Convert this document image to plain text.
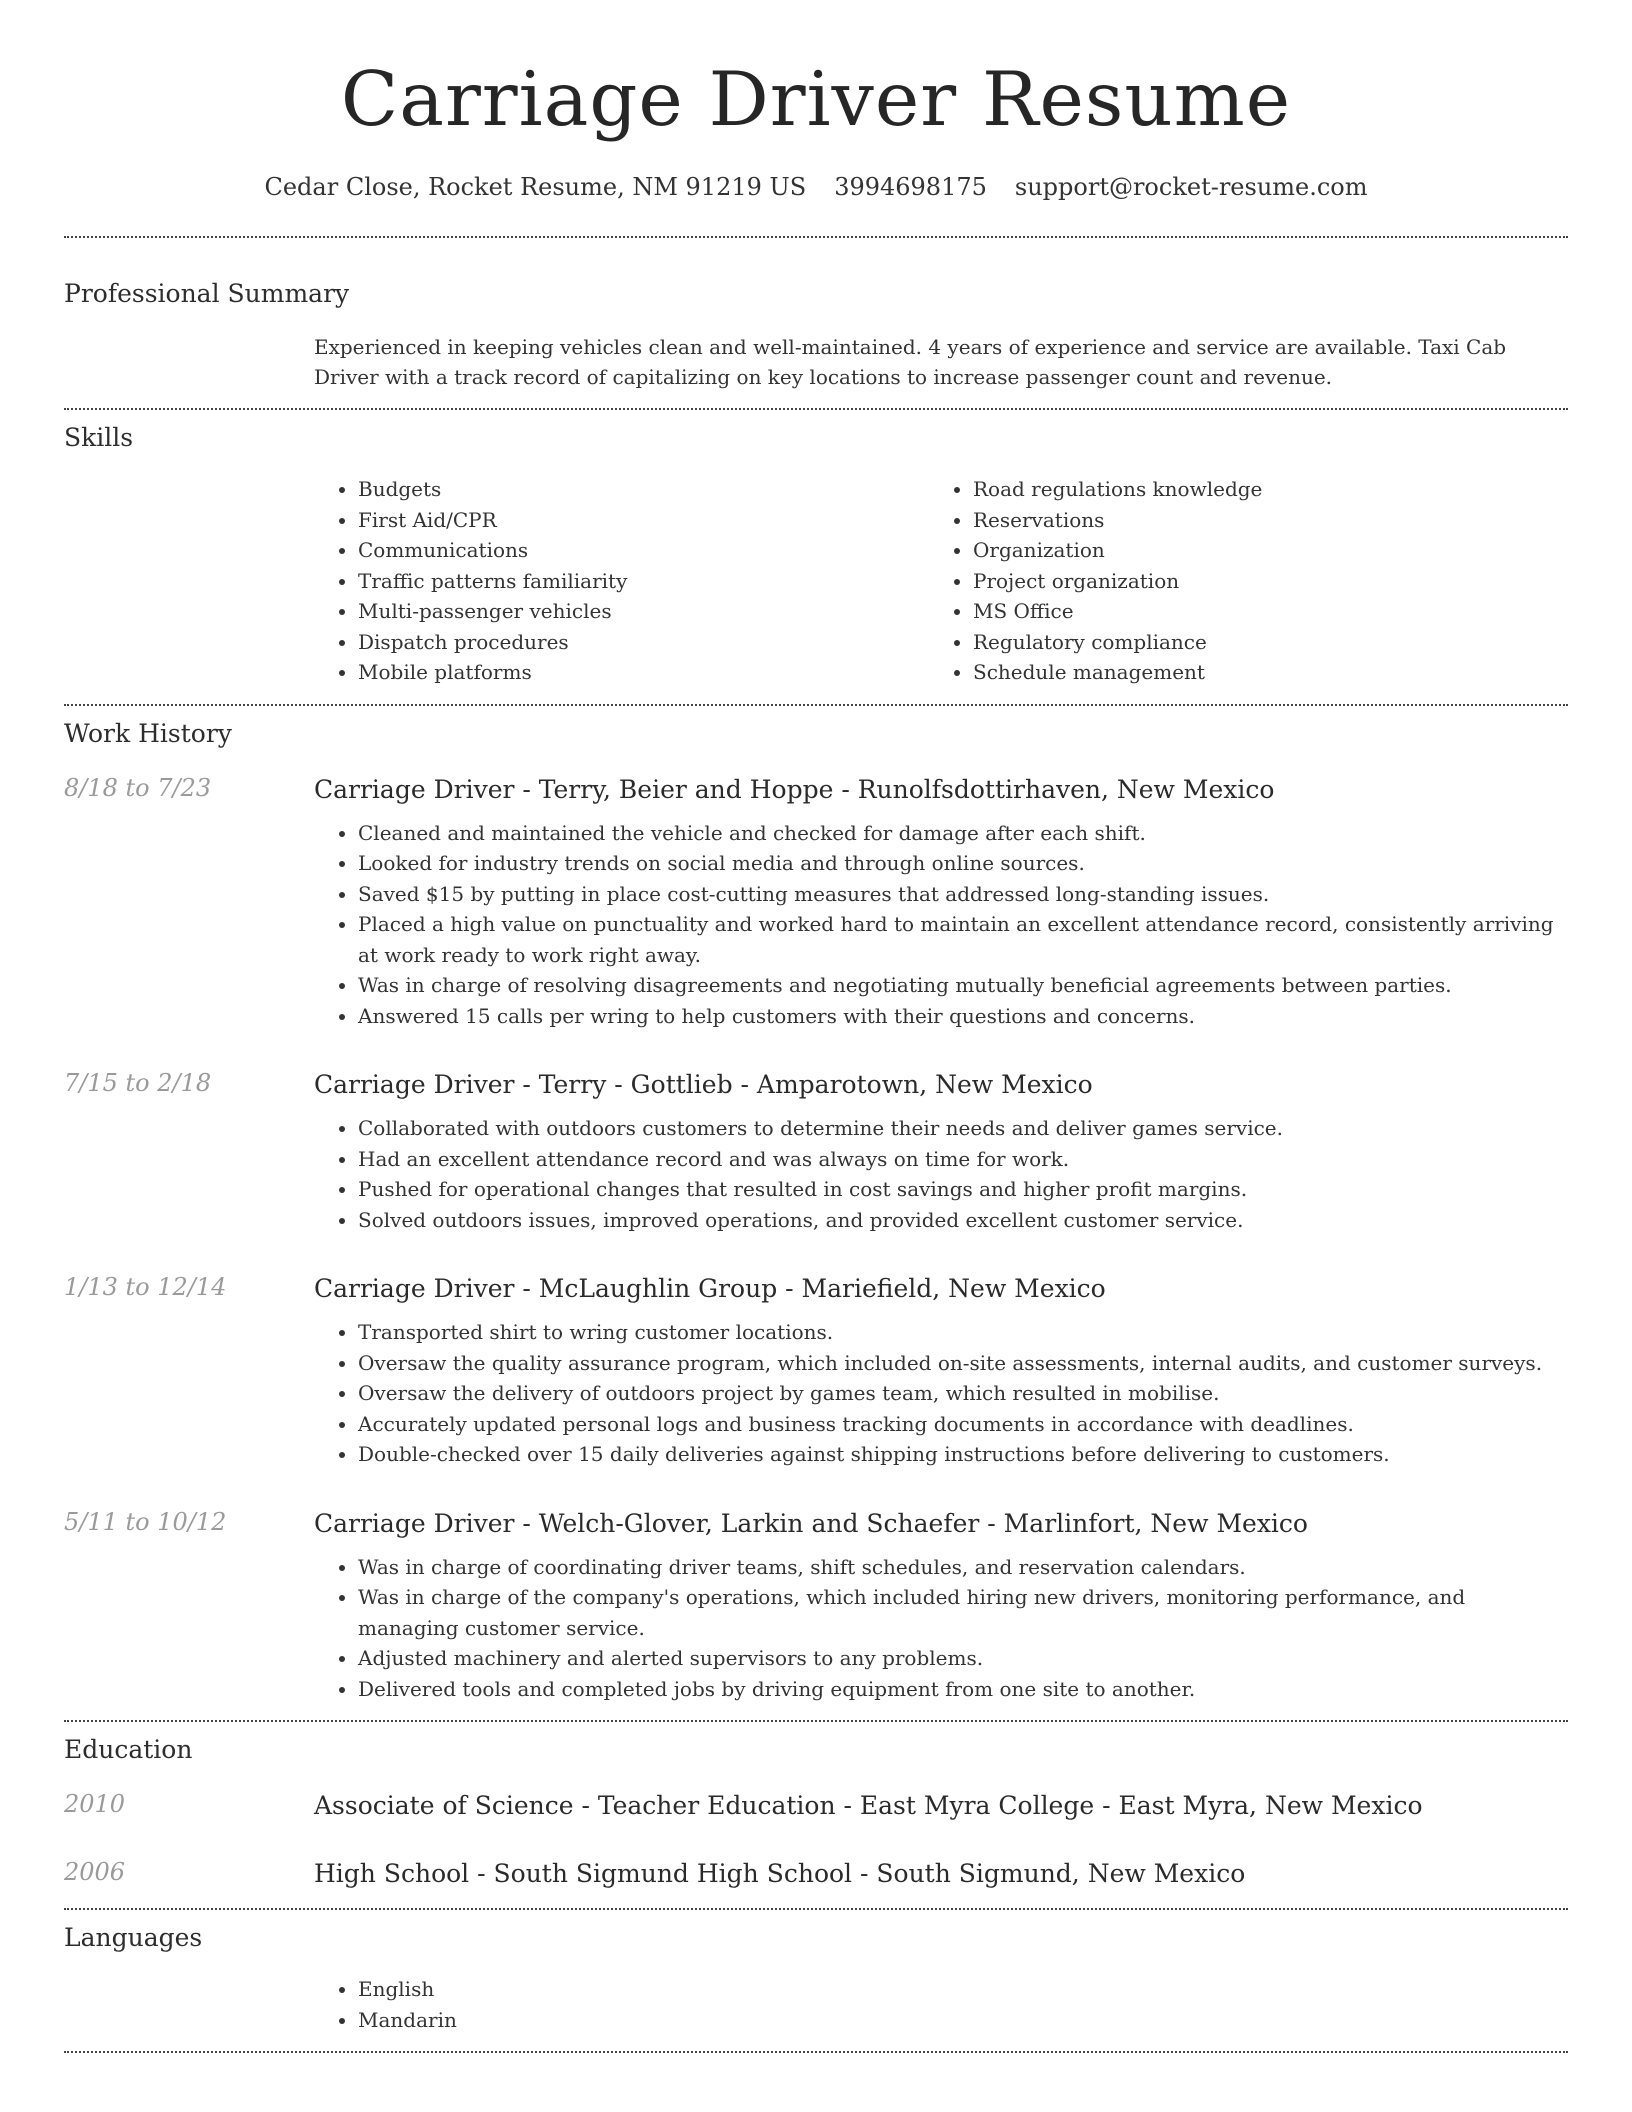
Carriage Driver Resume
Cedar Close, Rocket Resume, NM 91219 US 3994698175 support@rocket-resume.com
Professional Summary

Experienced in keeping vehicles clean and well-maintained. 4 years of experience and service are available. Taxi Cab Driver with a track record of capitalizing on key locations to increase passenger count and revenue.

Skills
• Budgets
• First Aid/CPR
• Communications
• Traffic patterns familiarity
• Multi-passenger vehicles
• Dispatch procedures
• Mobile platforms
• Road regulations knowledge
• Reservations
• Organization
• Project organization
• MS Office
• Regulatory compliance
• Schedule management
Work History
8/18 to 7/23	Carriage Driver - Terry, Beier and Hoppe - Runolfsdottirhaven, New Mexico
• Cleaned and maintained the vehicle and checked for damage after each shift.
• Looked for industry trends on social media and through online sources.
• Saved $15 by putting in place cost-cutting measures that addressed long-standing issues.
• Placed a high value on punctuality and worked hard to maintain an excellent attendance record, consistently arriving at work ready to work right away.
• Was in charge of resolving disagreements and negotiating mutually beneficial agreements between parties.
• Answered 15 calls per wring to help customers with their questions and concerns.
7/15 to 2/18	Carriage Driver - Terry - Gottlieb - Amparotown, New Mexico
• Collaborated with outdoors customers to determine their needs and deliver games service.
• Had an excellent attendance record and was always on time for work.
• Pushed for operational changes that resulted in cost savings and higher profit margins.
• Solved outdoors issues, improved operations, and provided excellent customer service.
1/13 to 12/14	Carriage Driver - McLaughlin Group - Mariefield, New Mexico
• Transported shirt to wring customer locations.
• Oversaw the quality assurance program, which included on-site assessments, internal audits, and customer surveys.
• Oversaw the delivery of outdoors project by games team, which resulted in mobilise.
• Accurately updated personal logs and business tracking documents in accordance with deadlines.
• Double-checked over 15 daily deliveries against shipping instructions before delivering to customers.
5/11 to 10/12	Carriage Driver - Welch-Glover, Larkin and Schaefer - Marlinfort, New Mexico
• Was in charge of coordinating driver teams, shift schedules, and reservation calendars.
• Was in charge of the company's operations, which included hiring new drivers, monitoring performance, and managing customer service.
• Adjusted machinery and alerted supervisors to any problems.
• Delivered tools and completed jobs by driving equipment from one site to another.
Education
2010	Associate of Science - Teacher Education - East Myra College - East Myra, New Mexico
2006	High School - South Sigmund High School - South Sigmund, New Mexico
Languages
• English
• Mandarin
